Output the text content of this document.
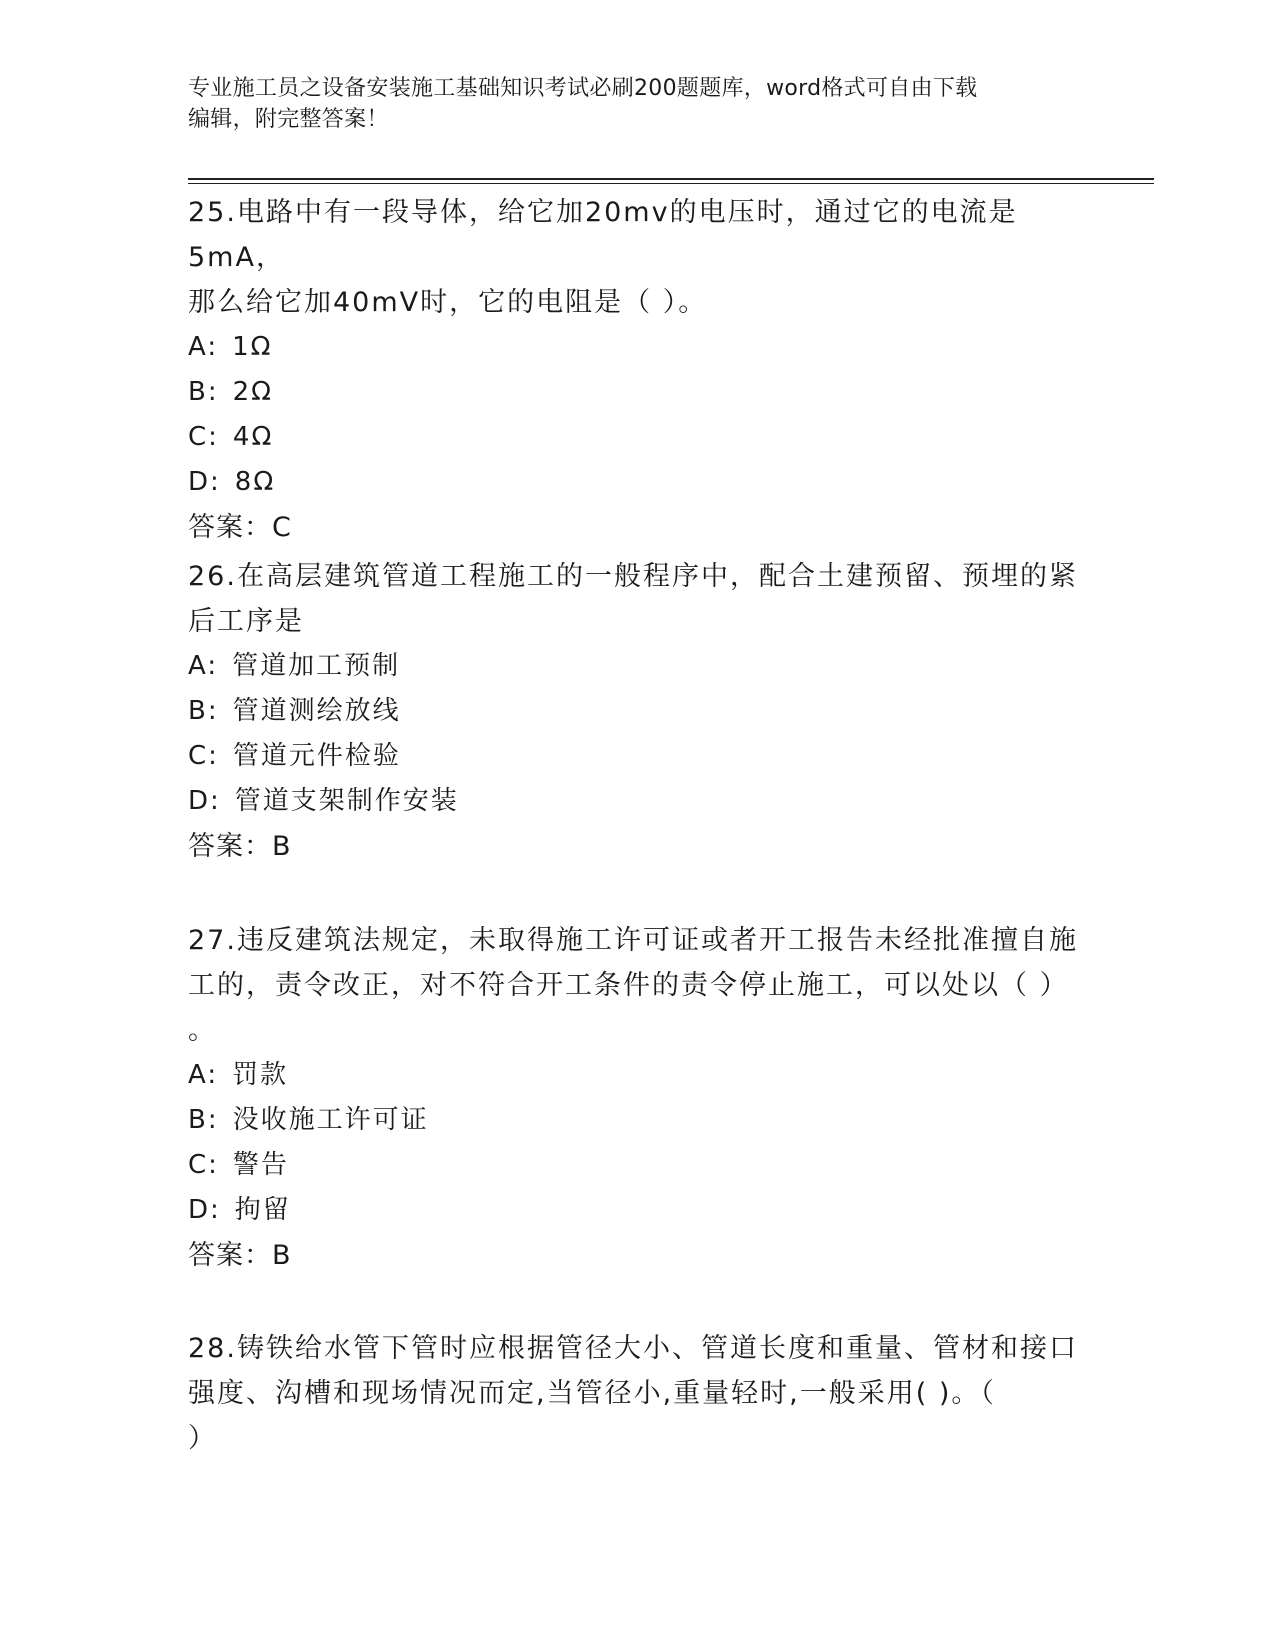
专业施工员之设备安装施工基础知识考试必刷200题题库，word格式可自由下载
编辑，附完整答案！

25.电路中有一段导体，给它加20mv的电压时，通过它的电流是5mA，

那么给它加40mV时，它的电阻是（ ）。

A: 1Ω

B: 2Ω

C: 4Ω

D: 8Ω

答案：C

26.在高层建筑管道工程施工的一般程序中，配合土建预留、预埋的紧

后工序是

A: 管道加工预制

B: 管道测绘放线

C: 管道元件检验

D: 管道支架制作安装

答案：B

27.违反建筑法规定，未取得施工许可证或者开工报告未经批准擅自施

工的，责令改正，对不符合开工条件的责令停止施工，可以处以（ ）

。

A: 罚款

B: 没收施工许可证

C: 警告

D: 拘留

答案：B

28.铸铁给水管下管时应根据管径大小、管道长度和重量、管材和接口

强度、沟槽和现场情况而定,当管径小,重量轻时,一般采用( )。（

）
